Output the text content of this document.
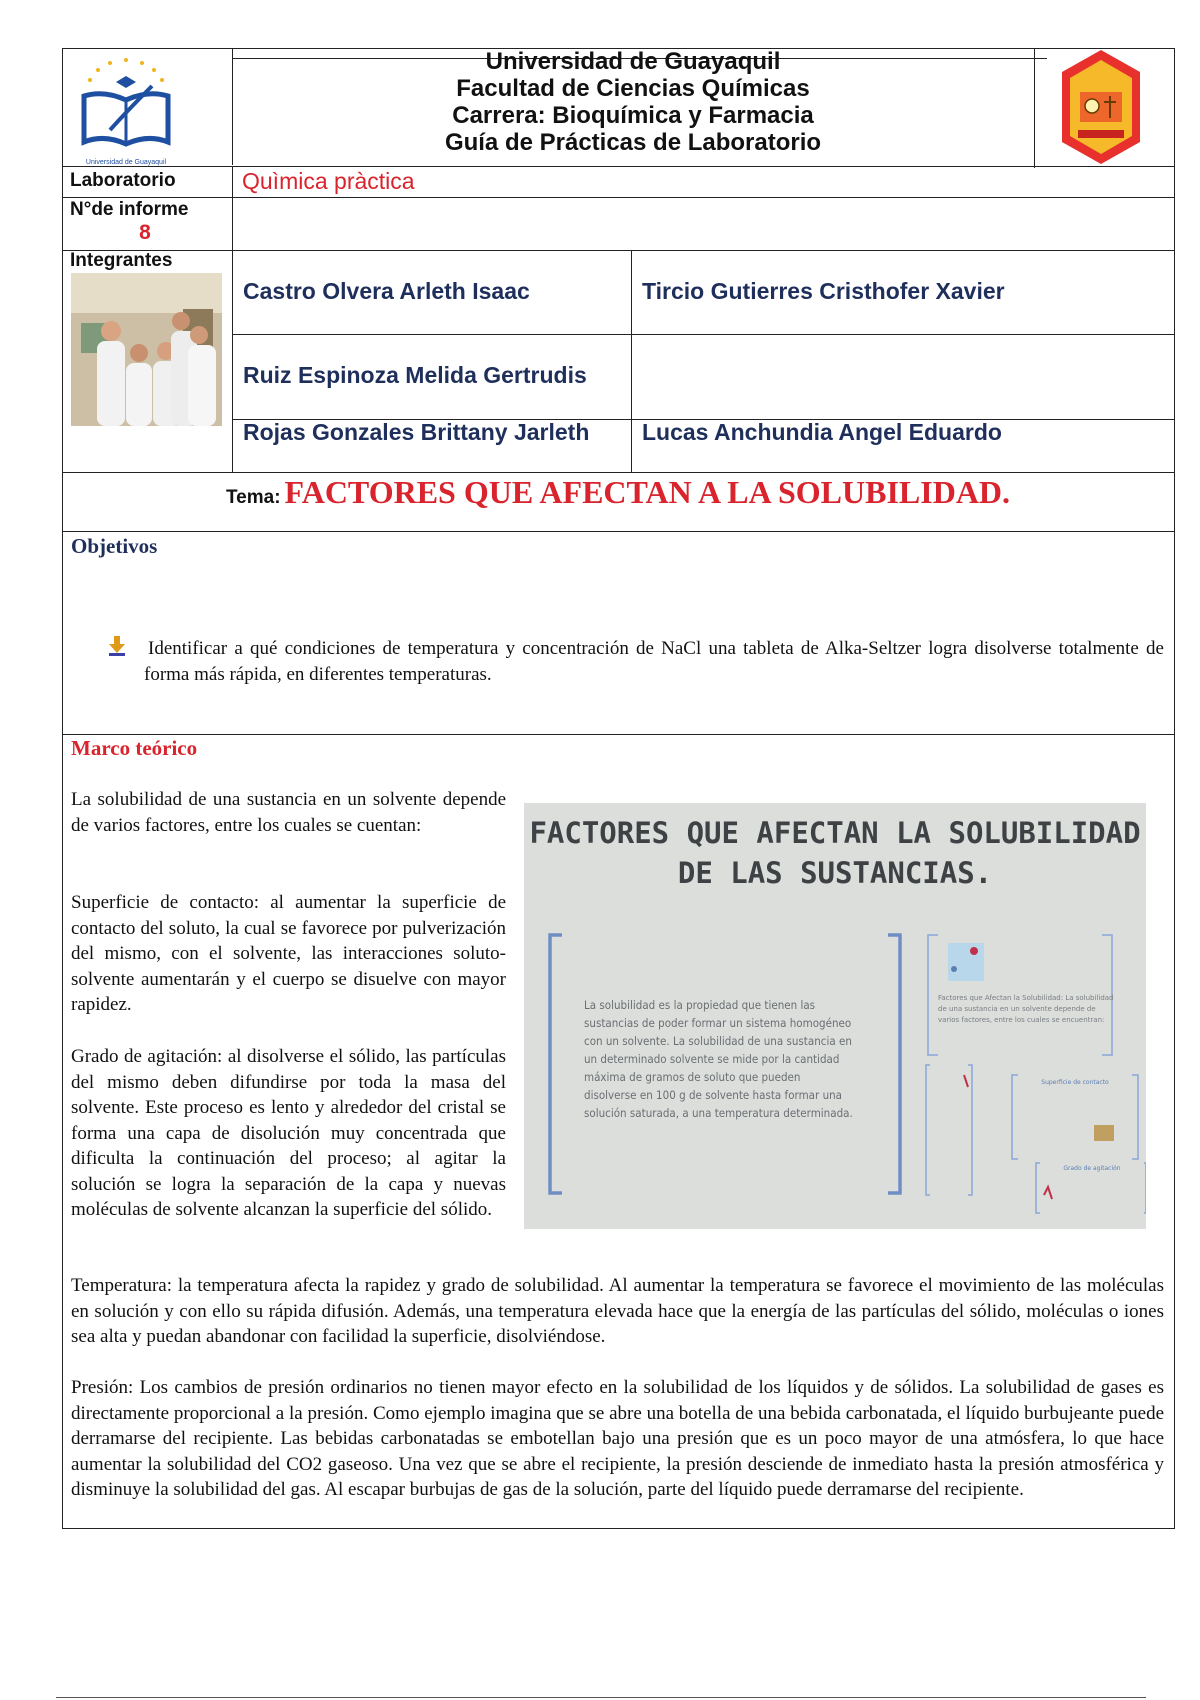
Universidad de Guayaquil
Universidad de Guayaquil
Facultad de Ciencias Químicas
Carrera: Bioquímica y Farmacia
Guía de Prácticas de Laboratorio
Laboratorio	Quìmica pràctica
N°de informe
8
Integrantes
Castro Olvera Arleth Isaac	Tircio Gutierres Cristhofer Xavier
Ruiz Espinoza Melida Gertrudis
Rojas Gonzales Brittany Jarleth Lucas Anchundia Angel Eduardo
Tema: FACTORES QUE AFECTAN A LA SOLUBILIDAD.
Objetivos

Identificar a qué condiciones de temperatura y concentración de NaCl una tableta de Alka-Seltzer logra disolverse totalmente de forma más rápida, en diferentes temperaturas.

Marco teórico

La solubilidad de una sustancia en un solvente depende de varios factores, entre los cuales se cuentan:

Superficie de contacto: al aumentar la superficie de contacto del soluto, la cual se favorece por pulverización del mismo, con el solvente, las interacciones soluto-solvente aumentarán y el cuerpo se disuelve con mayor rapidez.

Grado de agitación: al disolverse el sólido, las partículas del mismo deben difundirse por toda la masa del solvente. Este proceso es lento y alrededor del cristal se forma una capa de disolución muy concentrada que dificulta la continuación del proceso; al agitar la solución se logra la separación de la capa y nuevas moléculas de solvente alcanzan la superficie del sólido.

FACTORES QUE AFECTAN LA SOLUBILIDAD
DE LAS SUSTANCIAS.
La solubilidad es la propiedad que tienen las sustancias de poder formar un sistema homogéneo con un solvente. La solubilidad de una sustancia en un determinado solvente se mide por la cantidad máxima de gramos de soluto que pueden disolverse en 100 g de solvente hasta formar una solución saturada, a una temperatura determinada.
Factores que Afectan la Solubilidad: La solubilidad de una sustancia en un solvente depende de varios factores, entre los cuales se encuentran:
Superficie de contacto
Grado de agitación

Temperatura: la temperatura afecta la rapidez y grado de solubilidad. Al aumentar la temperatura se favorece el movimiento de las moléculas en solución y con ello su rápida difusión. Además, una temperatura elevada hace que la energía de las partículas del sólido, moléculas o iones sea alta y puedan abandonar con facilidad la superficie, disolviéndose.

Presión: Los cambios de presión ordinarios no tienen mayor efecto en la solubilidad de los líquidos y de sólidos. La solubilidad de gases es directamente proporcional a la presión. Como ejemplo imagina que se abre una botella de una bebida carbonatada, el líquido burbujeante puede derramarse del recipiente. Las bebidas carbonatadas se embotellan bajo una presión que es un poco mayor de una atmósfera, lo que hace aumentar la solubilidad del CO2 gaseoso. Una vez que se abre el recipiente, la presión desciende de inmediato hasta la presión atmosférica y disminuye la solubilidad del gas. Al escapar burbujas de gas de la solución, parte del líquido puede derramarse del recipiente.
